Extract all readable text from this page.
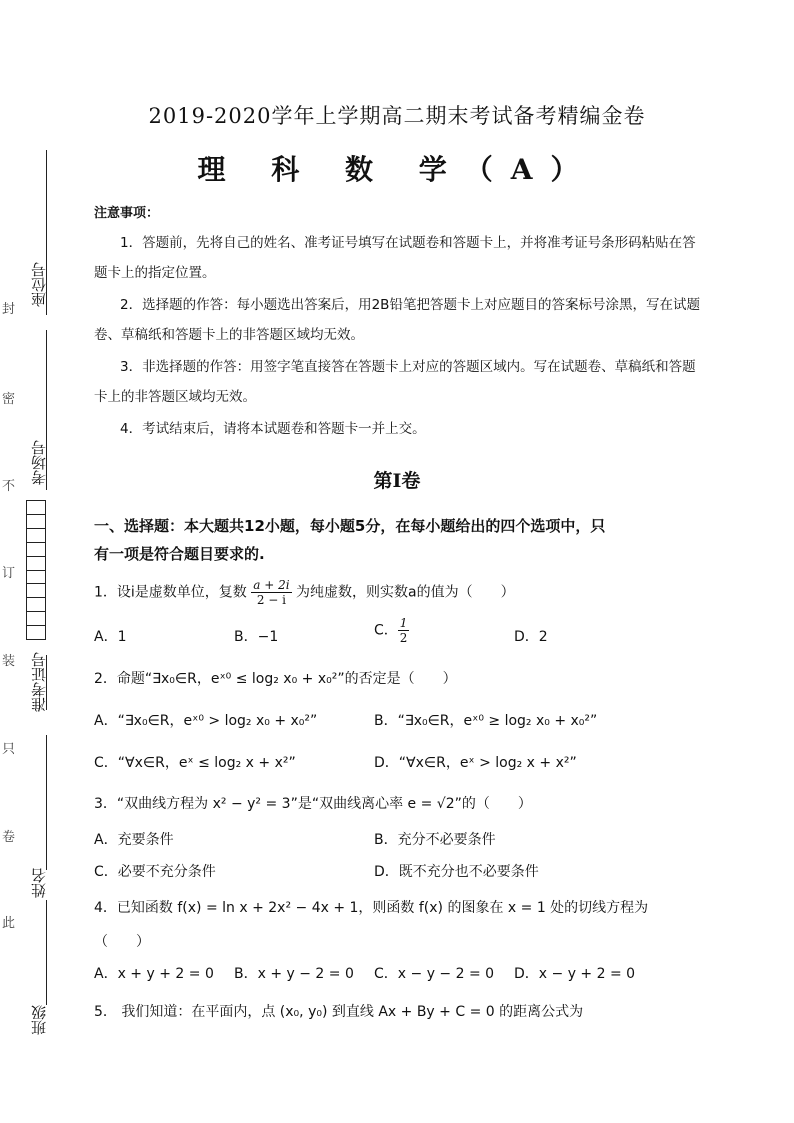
座位号
考场号
准考证号
姓名
班级
封
密
不
订
装
只
卷
此
2019-2020学年上学期高二期末考试备考精编金卷
理 科 数 学（A）
注意事项：
1．答题前，先将自己的姓名、准考证号填写在试题卷和答题卡上，并将准考证号条形码粘贴在答题卡上的指定位置。
2．选择题的作答：每小题选出答案后，用2B铅笔把答题卡上对应题目的答案标号涂黑，写在试题卷、草稿纸和答题卡上的非答题区域均无效。
3．非选择题的作答：用签字笔直接答在答题卡上对应的答题区域内。写在试题卷、草稿纸和答题卡上的非答题区域均无效。
4．考试结束后，请将本试题卷和答题卡一并上交。
第Ⅰ卷
一、选择题：本大题共12小题，每小题5分，在每小题给出的四个选项中，只
有一项是符合题目要求的.
1．设i是虚数单位，复数 $\frac{a + 2i}{2 - i}$ 为纯虚数，则实数a的值为（　　）
A．1	B．−1	C． $\frac{1}{2}$	D．2
2．命题“∃x₀∈R，eˣ⁰ ≤ log₂ x₀ + x₀²”的否定是（　　）
A．“∃x₀∈R，eˣ⁰ > log₂ x₀ + x₀²”	B．“∃x₀∈R，eˣ⁰ ≥ log₂ x₀ + x₀²”
C．“∀x∈R，eˣ ≤ log₂ x + x²”	D．“∀x∈R，eˣ > log₂ x + x²”
3．“双曲线方程为 x² − y² = 3”是“双曲线离心率 e = √2”的（　　）
A．充要条件	B．充分不必要条件
C．必要不充分条件	D．既不充分也不必要条件
4．已知函数 f(x) = ln x + 2x² − 4x + 1，则函数 f(x) 的图象在 x = 1 处的切线方程为
（　　）
A．x + y + 2 = 0 B．x + y − 2 = 0 C．x − y − 2 = 0 D．x − y + 2 = 0
5． 我们知道：在平面内，点 (x₀, y₀) 到直线 Ax + By + C = 0 的距离公式为
